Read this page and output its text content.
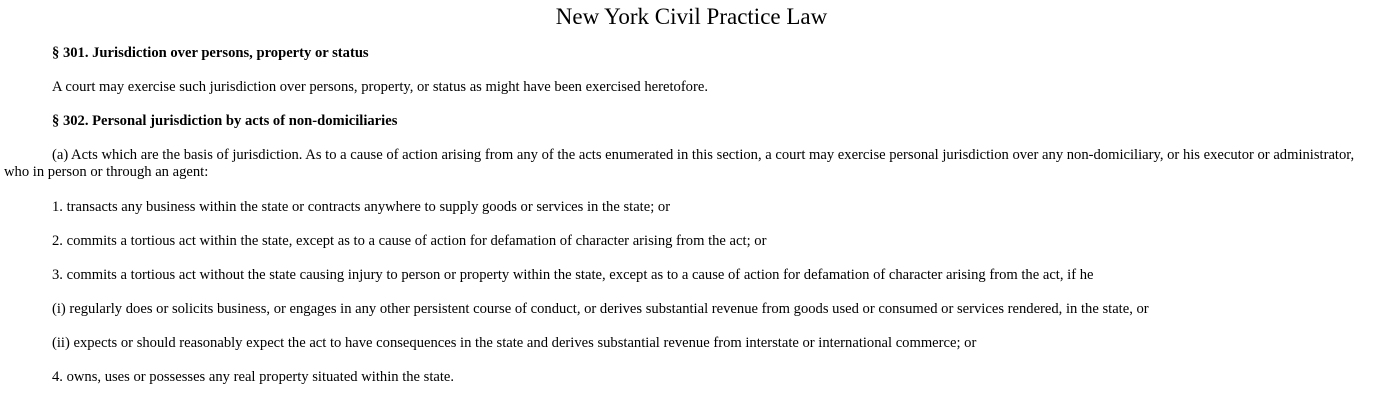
New York Civil Practice Law

§ 301. Jurisdiction over persons, property or status

A court may exercise such jurisdiction over persons, property, or status as might have been exercised heretofore.

§ 302. Personal jurisdiction by acts of non-domiciliaries

(a) Acts which are the basis of jurisdiction. As to a cause of action arising from any of the acts enumerated in this section, a court may exercise personal jurisdiction over any non-domiciliary, or his executor or administrator, who in person or through an agent:

1. transacts any business within the state or contracts anywhere to supply goods or services in the state; or

2. commits a tortious act within the state, except as to a cause of action for defamation of character arising from the act; or

3. commits a tortious act without the state causing injury to person or property within the state, except as to a cause of action for defamation of character arising from the act, if he

(i) regularly does or solicits business, or engages in any other persistent course of conduct, or derives substantial revenue from goods used or consumed or services rendered, in the state, or

(ii) expects or should reasonably expect the act to have consequences in the state and derives substantial revenue from interstate or international commerce; or

4. owns, uses or possesses any real property situated within the state.
